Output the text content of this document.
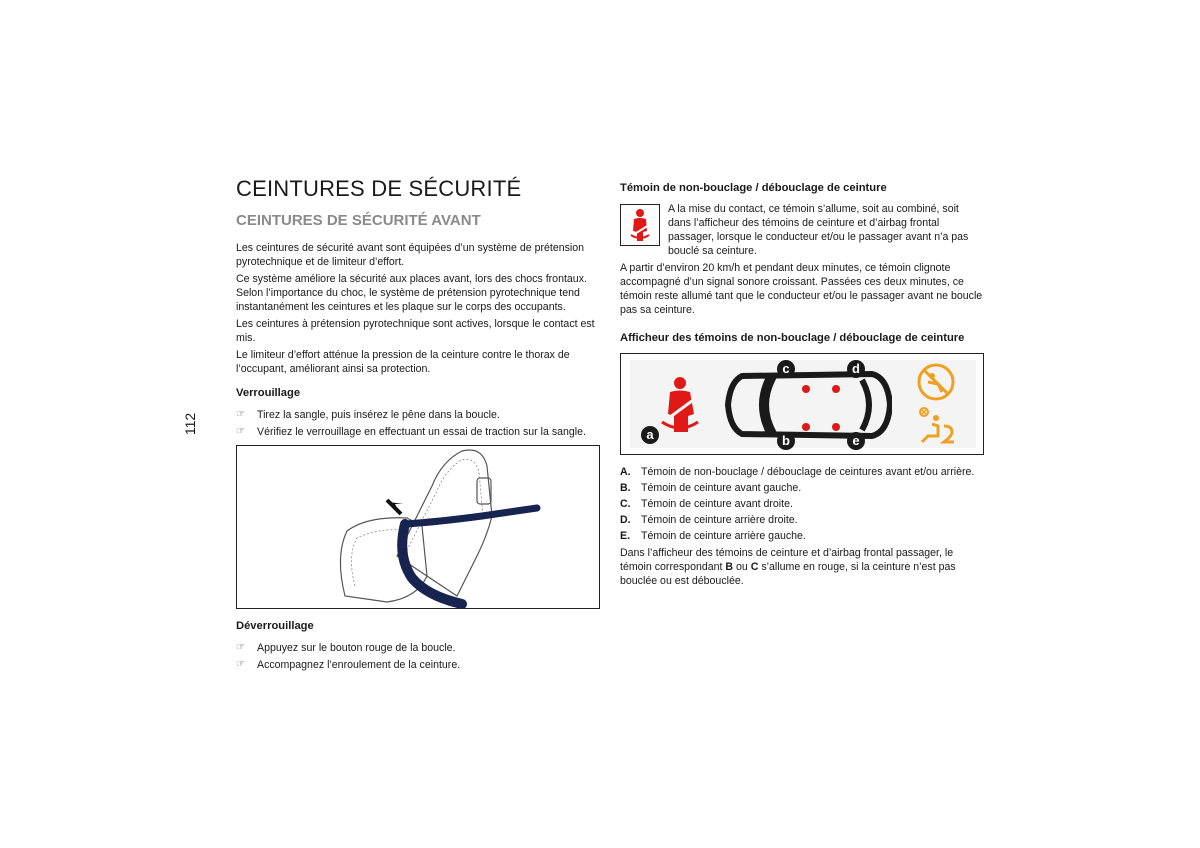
112
CEINTURES DE SÉCURITÉ
CEINTURES DE SÉCURITÉ AVANT

Les ceintures de sécurité avant sont équipées d’un système de prétension pyrotechnique et de limiteur d’effort.

Ce système améliore la sécurité aux places avant, lors des chocs frontaux. Selon l’importance du choc, le système de prétension pyrotechnique tend instantanément les ceintures et les plaque sur le corps des occupants.

Les ceintures à prétension pyrotechnique sont actives, lorsque le contact est mis.

Le limiteur d’effort atténue la pression de la ceinture contre le thorax de l’occupant, améliorant ainsi sa protection.

Verrouillage
☞ Tirez la sangle, puis insérez le pêne dans la boucle.
☞ Vérifiez le verrouillage en effectuant un essai de traction sur la sangle.
Déverrouillage
☞ Appuyez sur le bouton rouge de la boucle.
☞ Accompagnez l’enroulement de la ceinture.
Témoin de non-bouclage / débouclage de ceinture

A la mise du contact, ce témoin s’allume, soit au combiné, soit dans l’afficheur des témoins de ceinture et d’airbag frontal passager, lorsque le conducteur et/ou le passager avant n’a pas bouclé sa ceinture.

A partir d’environ 20 km/h et pendant deux minutes, ce témoin clignote accompagné d’un signal sonore croissant. Passées ces deux minutes, ce témoin reste allumé tant que le conducteur et/ou le passager avant ne boucle pas sa ceinture.

Afficheur des témoins de non-bouclage / débouclage de ceinture
a	b
c	d
e
A. Témoin de non-bouclage / débouclage de ceintures avant et/ou arrière.
B. Témoin de ceinture avant gauche.
C. Témoin de ceinture avant droite.
D. Témoin de ceinture arrière droite.
E.	Témoin de ceinture arrière gauche.

Dans l’afficheur des témoins de ceinture et d’airbag frontal passager, le témoin correspondant B ou C s’allume en rouge, si la ceinture n’est pas bouclée ou est débouclée.
